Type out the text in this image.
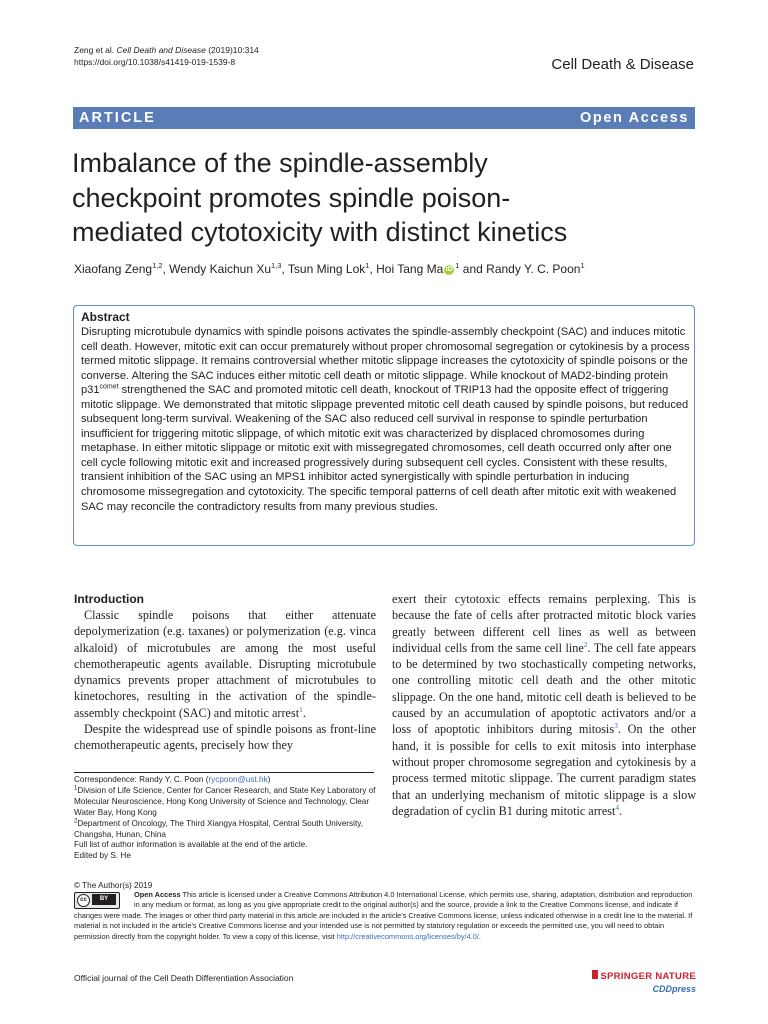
Zeng et al. Cell Death and Disease (2019)10:314
https://doi.org/10.1038/s41419-019-1539-8	Cell Death & Disease
ARTICLE	Open Access
Imbalance of the spindle-assembly
checkpoint promotes spindle poison-
mediated cytotoxicity with distinct kinetics
Xiaofang Zeng$^{1,2}$, Wendy Kaichun Xu$^{1,3}$, Tsun Ming Lok$^1$, Hoi Tang Ma iD $^1$ and Randy Y. C. Poon$^1$
Abstract

Disrupting microtubule dynamics with spindle poisons activates the spindle-assembly checkpoint (SAC) and induces mitotic cell death. However, mitotic exit can occur prematurely without proper chromosomal segregation or cytokinesis by a process termed mitotic slippage. It remains controversial whether mitotic slippage increases the cytotoxicity of spindle poisons or the converse. Altering the SAC induces either mitotic cell death or mitotic slippage. While knockout of MAD2-binding protein $p31^{comet}$ strengthened the SAC and promoted mitotic cell death, knockout of TRIP13 had the opposite effect of triggering mitotic slippage. We demonstrated that mitotic slippage prevented mitotic cell death caused by spindle poisons, but reduced subsequent long-term survival. Weakening of the SAC also reduced cell survival in response to spindle perturbation insufficient for triggering mitotic slippage, of which mitotic exit was characterized by displaced chromosomes during metaphase. In either mitotic slippage or mitotic exit with missegregated chromosomes, cell death occurred only after one cell cycle following mitotic exit and increased progressively during subsequent cell cycles. Consistent with these results, transient inhibition of the SAC using an MPS1 inhibitor acted synergistically with spindle perturbation in inducing chromosome missegregation and cytotoxicity. The specific temporal patterns of cell death after mitotic exit with weakened SAC may reconcile the contradictory results from many previous studies.

Introduction

Classic spindle poisons that either attenuate depolymerization (e.g. taxanes) or polymerization (e.g. vinca alkaloid) of microtubules are among the most useful chemotherapeutic agents available. Disrupting microtubule dynamics prevents proper attachment of microtubules to kinetochores, resulting in the activation of the spindle-assembly checkpoint (SAC) and mitotic arrest$^1$.

Despite the widespread use of spindle poisons as front-line chemotherapeutic agents, precisely how they

exert their cytotoxic effects remains perplexing. This is because the fate of cells after protracted mitotic block varies greatly between different cell lines as well as between individual cells from the same cell line$^2$. The cell fate appears to be determined by two stochastically competing networks, one controlling mitotic cell death and the other mitotic slippage. On the one hand, mitotic cell death is believed to be caused by an accumulation of apoptotic activators and/or a loss of apoptotic inhibitors during mitosis$^3$. On the other hand, it is possible for cells to exit mitosis into interphase without proper chromosome segregation and cytokinesis by a process termed mitotic slippage. The current paradigm states that an underlying mechanism of mitotic slippage is a slow degradation of cyclin B1 during mitotic arrest$^4$.

Correspondence: Randy Y. C. Poon (rycpoon@ust.hk)

$^1$Division of Life Science, Center for Cancer Research, and State Key Laboratory of Molecular Neuroscience, Hong Kong University of Science and Technology, Clear Water Bay, Hong Kong

$^2$Department of Oncology, The Third Xiangya Hospital, Central South University, Changsha, Hunan, China

Full list of author information is available at the end of the article.

Edited by S. He

© The Author(s) 2019
cc	BY	Open Access This article is licensed under a Creative Commons Attribution 4.0 International License, which permits use, sharing, adaptation, distribution and reproduction
in any medium or format, as long as you give appropriate credit to the original author(s) and the source, provide a link to the Creative Commons license, and indicate if
changes were made. The images or other third party material in this article are included in the article's Creative Commons license, unless indicated otherwise in a credit line to the material. If material is not included in the article's Creative Commons license and your intended use is not permitted by statutory regulation or exceeds the permitted use, you will need to obtain permission directly from the copyright holder. To view a copy of this license, visit http://creativecommons.org/licenses/by/4.0/.
Official journal of the Cell Death Differentiation Association	SPRINGER NATURE
CDDpress
